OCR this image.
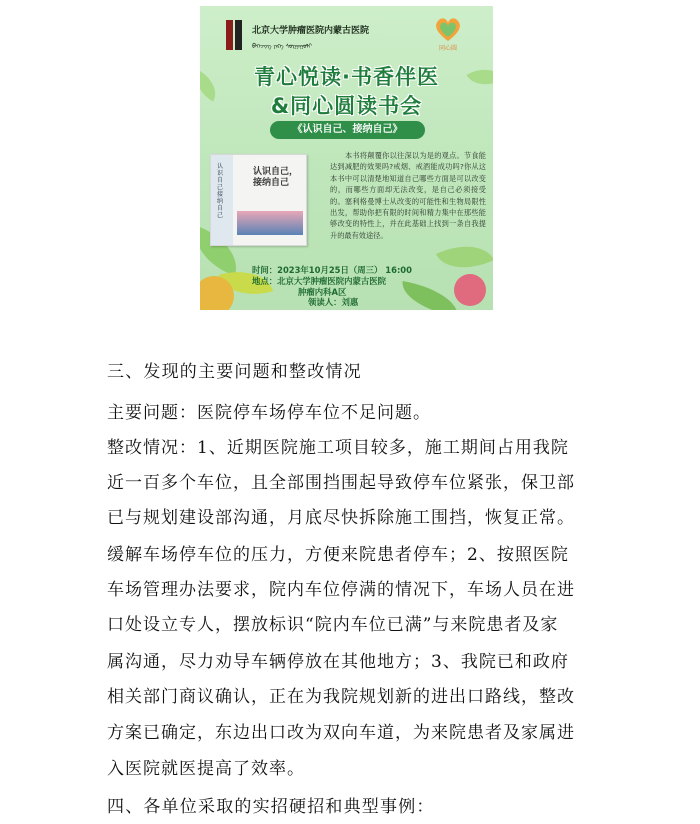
北京大学肿瘤医院内蒙古医院
ᠪᠡᠭᠡᠵᠢᠩ ᠶᠡᠺᠡ ᠰᠤᠷᠭᠠᠭᠤᠯᠢ	同心圆
青心悦读·书香伴医
&同心圆读书会
《认识自己、接纳自己》
认识自己接纳自己
认识自己，接纳自己
本书将颠覆你以往深以为是的观点。节食能达到减肥的效果吗?戒烟、戒酒能成功吗?你从这本书中可以清楚地知道自己哪些方面是可以改变的，而哪些方面却无法改变，是自己必须接受的。塞利格曼博士从改变的可能性和生物局限性出发，帮助你把有限的时间和精力集中在那些能够改变的特性上，并在此基础上找到一条自我提升的最有效途径。
时间：2023年10月25日（周三） 16:00
地点：北京大学肿瘤医院内蒙古医院
肿瘤内科A区
领读人：刘惠
三、发现的主要问题和整改情况
主要问题：医院停车场停车位不足问题。
整改情况：1、近期医院施工项目较多，施工期间占用我院
近一百多个车位，且全部围挡围起导致停车位紧张，保卫部
已与规划建设部沟通，月底尽快拆除施工围挡，恢复正常。
缓解车场停车位的压力，方便来院患者停车；2、按照医院
车场管理办法要求，院内车位停满的情况下，车场人员在进
口处设立专人，摆放标识“院内车位已满”与来院患者及家
属沟通，尽力劝导车辆停放在其他地方；3、我院已和政府
相关部门商议确认，正在为我院规划新的进出口路线，整改
方案已确定，东边出口改为双向车道，为来院患者及家属进
入医院就医提高了效率。
四、各单位采取的实招硬招和典型事例：
